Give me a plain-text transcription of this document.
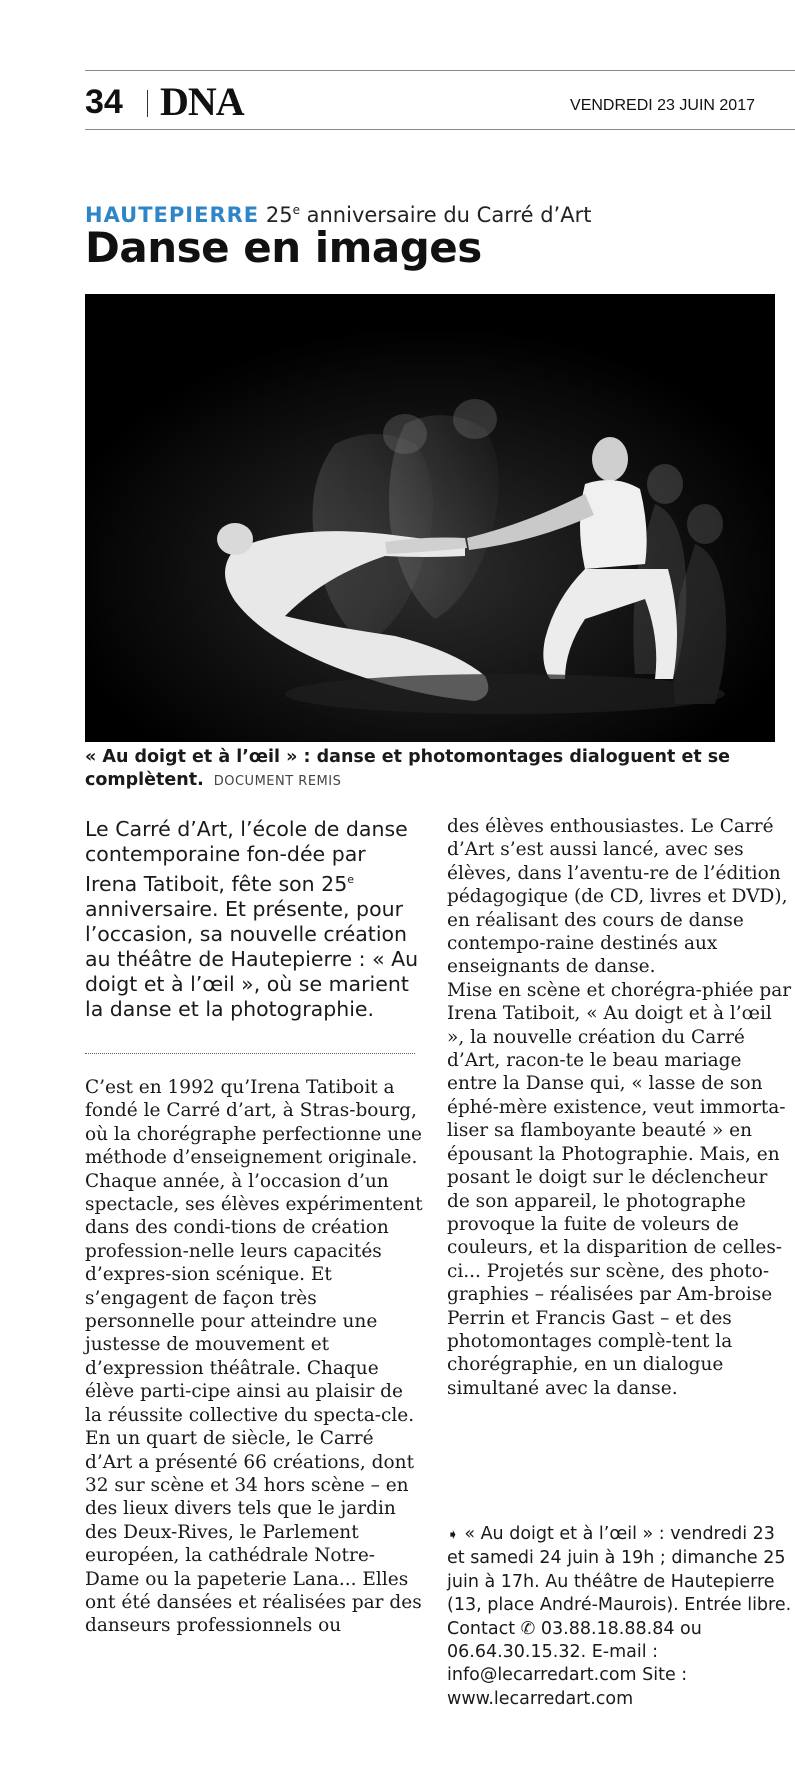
34 DNA	VENDREDI 23 JUIN 2017
HAUTEPIERRE 25e anniversaire du Carré d’Art
Danse en images
« Au doigt et à l’œil » : danse et photomontages dialoguent et se complètent. DOCUMENT REMIS
Le Carré d’Art, l’école de danse contemporaine fon-dée par Irena Tatiboit, fête son 25e anniversaire. Et présente, pour l’occasion, sa nouvelle création au théâtre de Hautepierre : « Au doigt et à l’œil », où se marient la danse et la photographie.

C’est en 1992 qu’Irena Tatiboit a fondé le Carré d’art, à Stras-bourg, où la chorégraphe perfectionne une méthode d’enseignement originale. Chaque année, à l’occasion d’un spectacle, ses élèves expérimentent dans des condi-tions de création profession-nelle leurs capacités d’expres-sion scénique. Et s’engagent de façon très personnelle pour atteindre une justesse de mouvement et d’expression théâtrale. Chaque élève parti-cipe ainsi au plaisir de la réussite collective du specta-cle.

En un quart de siècle, le Carré d’Art a présenté 66 créations, dont 32 sur scène et 34 hors scène – en des lieux divers tels que le jardin des Deux-Rives, le Parlement européen, la cathédrale Notre-Dame ou la papeterie Lana... Elles ont été dansées et réalisées par des danseurs professionnels ou

des élèves enthousiastes. Le Carré d’Art s’est aussi lancé, avec ses élèves, dans l’aventu-re de l’édition pédagogique (de CD, livres et DVD), en réalisant des cours de danse contempo-raine destinés aux enseignants de danse.

Mise en scène et chorégra-phiée par Irena Tatiboit, « Au doigt et à l’œil », la nouvelle création du Carré d’Art, racon-te le beau mariage entre la Danse qui, « lasse de son éphé-mère existence, veut immorta-liser sa flamboyante beauté » en épousant la Photographie. Mais, en posant le doigt sur le déclencheur de son appareil, le photographe provoque la fuite de voleurs de couleurs, et la disparition de celles-ci... Projetés sur scène, des photo-graphies – réalisées par Am-broise Perrin et Francis Gast – et des photomontages complè-tent la chorégraphie, en un dialogue simultané avec la danse.

➧ « Au doigt et à l’œil » : vendredi 23 et samedi 24 juin à 19h ; dimanche 25 juin à 17h. Au théâtre de Hautepierre (13, place André-Maurois). Entrée libre. Contact ✆ 03.88.18.88.84 ou 06.64.30.15.32. E-mail : info@lecarredart.com Site : www.lecarredart.com
